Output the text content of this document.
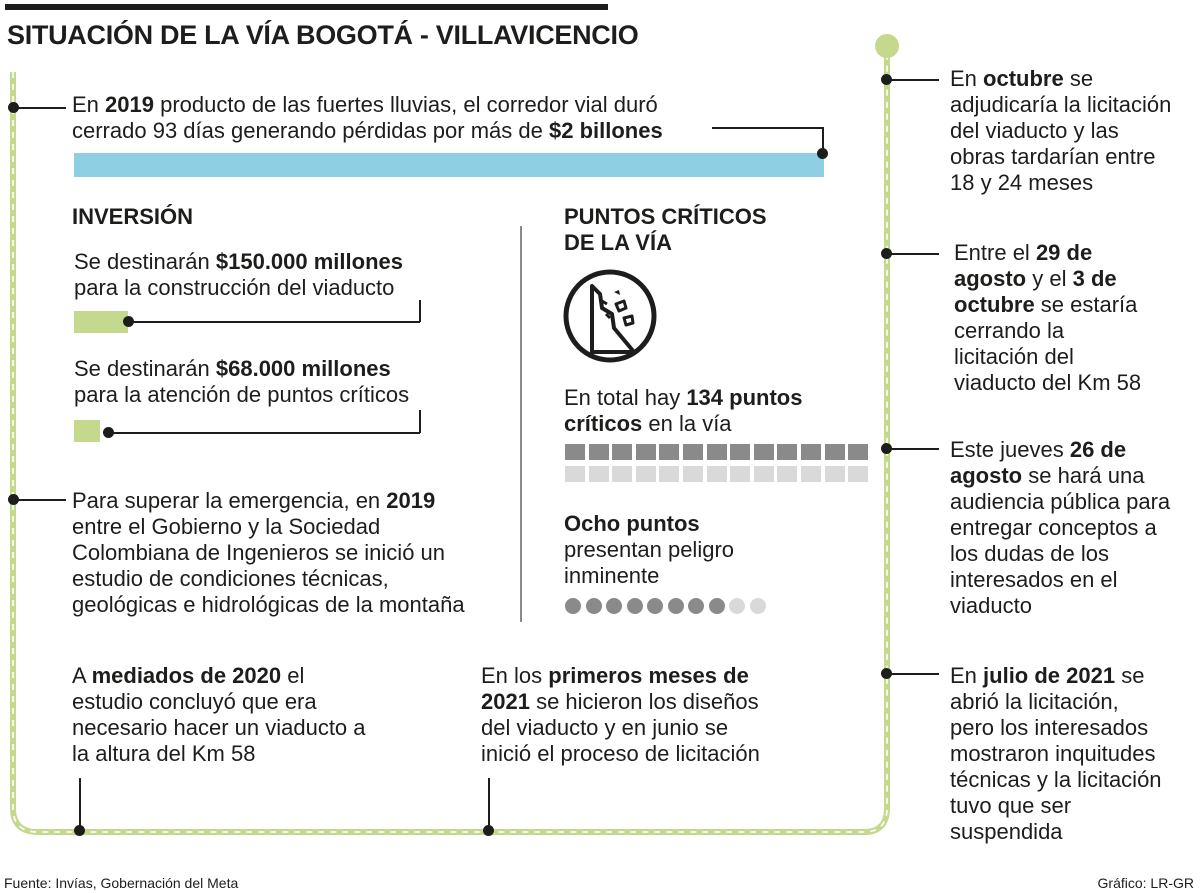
SITUACIÓN DE LA VÍA BOGOTÁ - VILLAVICENCIO
En 2019 producto de las fuertes lluvias, el corredor vial duró
cerrado 93 días generando pérdidas por más de $2 billones
INVERSIÓN
Se destinarán $150.000 millones
para la construcción del viaducto
Se destinarán $68.000 millones
para la atención de puntos críticos
PUNTOS CRÍTICOS
DE LA VÍA
En total hay 134 puntos
críticos en la vía
Ocho puntos
presentan peligro
inminente
Para superar la emergencia, en 2019
entre el Gobierno y la Sociedad
Colombiana de Ingenieros se inició un
estudio de condiciones técnicas,
geológicas e hidrológicas de la montaña
A mediados de 2020 el
estudio concluyó que era
necesario hacer un viaducto a
la altura del Km 58
En los primeros meses de
2021 se hicieron los diseños
del viaducto y en junio se
inició el proceso de licitación
En octubre se
adjudicaría la licitación
del viaducto y las
obras tardarían entre
18 y 24 meses
Entre el 29 de
agosto y el 3 de
octubre se estaría
cerrando la
licitación del
viaducto del Km 58
Este jueves 26 de
agosto se hará una
audiencia pública para
entregar conceptos a
los dudas de los
interesados en el
viaducto
En julio de 2021 se
abrió la licitación,
pero los interesados
mostraron inquitudes
técnicas y la licitación
tuvo que ser
suspendida
Fuente: Invías, Gobernación del Meta	Gráfico: LR-GR
